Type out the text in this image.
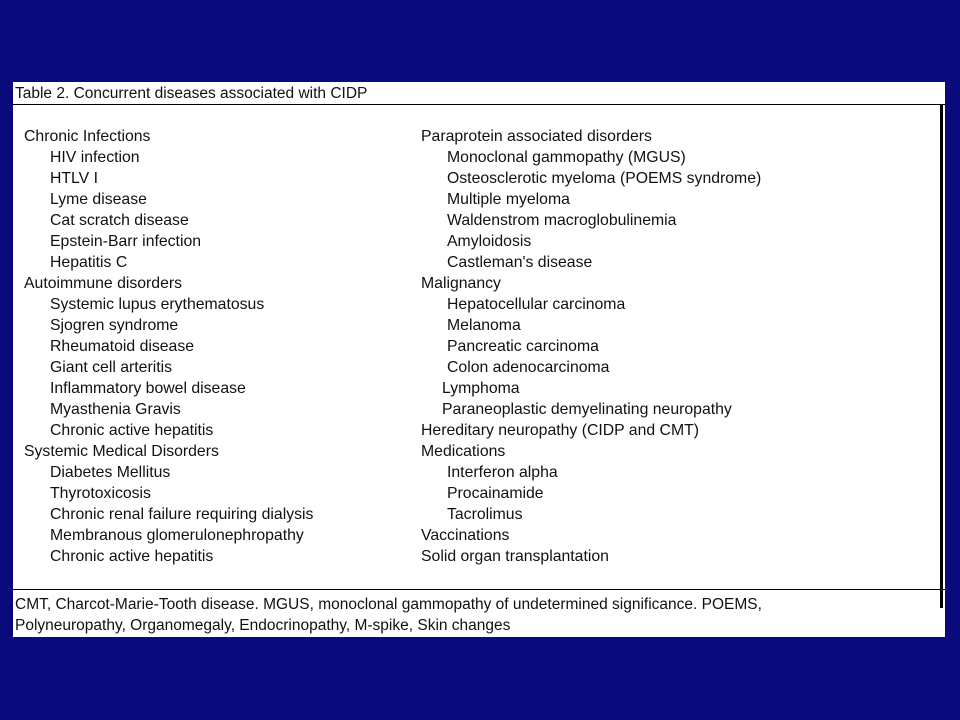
Table 2. Concurrent diseases associated with CIDP
Chronic Infections
HIV infection
HTLV I
Lyme disease
Cat scratch disease
Epstein-Barr infection
Hepatitis C
Autoimmune disorders
Systemic lupus erythematosus
Sjogren syndrome
Rheumatoid disease
Giant cell arteritis
Inflammatory bowel disease
Myasthenia Gravis
Chronic active hepatitis
Systemic Medical Disorders
Diabetes Mellitus
Thyrotoxicosis
Chronic renal failure requiring dialysis
Membranous glomerulonephropathy
Chronic active hepatitis
Paraprotein associated disorders
Monoclonal gammopathy (MGUS)
Osteosclerotic myeloma (POEMS syndrome)
Multiple myeloma
Waldenstrom macroglobulinemia
Amyloidosis
Castleman's disease
Malignancy
Hepatocellular carcinoma
Melanoma
Pancreatic carcinoma
Colon adenocarcinoma
Lymphoma
Paraneoplastic demyelinating neuropathy
Hereditary neuropathy (CIDP and CMT)
Medications
Interferon alpha
Procainamide
Tacrolimus
Vaccinations
Solid organ transplantation
CMT, Charcot-Marie-Tooth disease. MGUS, monoclonal gammopathy of undetermined significance. POEMS,
Polyneuropathy, Organomegaly, Endocrinopathy, M-spike, Skin changes
